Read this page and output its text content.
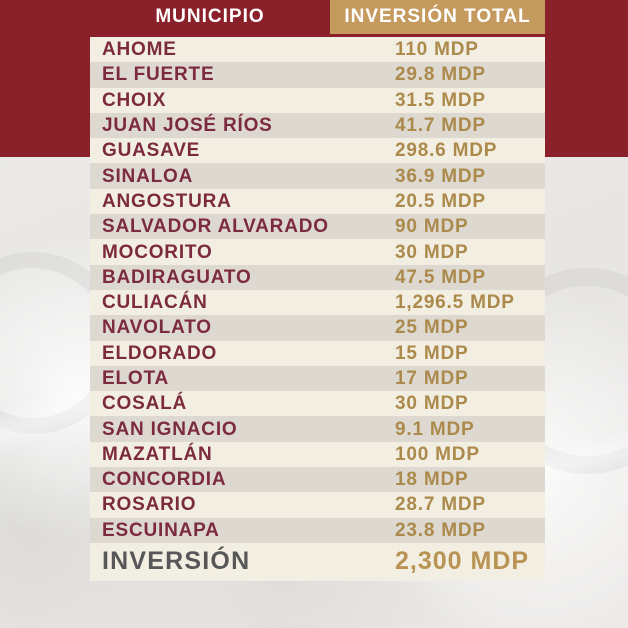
MUNICIPIO	INVERSIÓN TOTAL
AHOME	110 MDP
EL FUERTE	29.8 MDP
CHOIX	31.5 MDP
JUAN JOSÉ RÍOS	41.7 MDP
GUASAVE	298.6 MDP
SINALOA	36.9 MDP
ANGOSTURA	20.5 MDP
SALVADOR ALVARADO	90 MDP
MOCORITO	30 MDP
BADIRAGUATO	47.5 MDP
CULIACÁN	1,296.5 MDP
NAVOLATO	25 MDP
ELDORADO	15 MDP
ELOTA	17 MDP
COSALÁ	30 MDP
SAN IGNACIO	9.1 MDP
MAZATLÁN	100 MDP
CONCORDIA	18 MDP
ROSARIO	28.7 MDP
ESCUINAPA	23.8 MDP
INVERSIÓN	2,300 MDP
